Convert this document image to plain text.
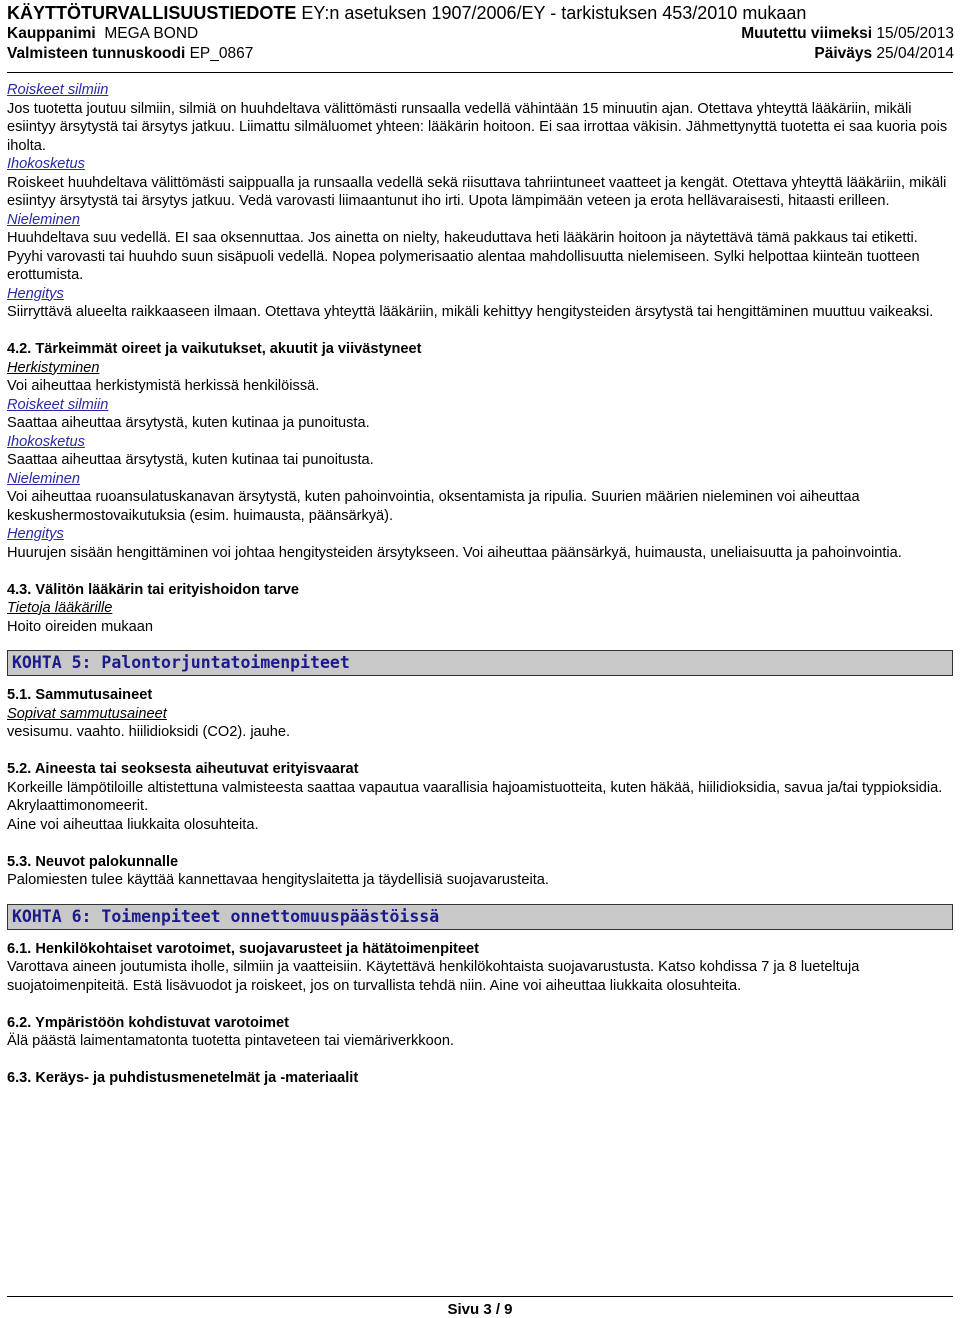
KÄYTTÖTURVALLISUUSTIEDOTE EY:n asetuksen 1907/2006/EY - tarkistuksen 453/2010 mukaan
Kauppanimi MEGA BOND	Muutettu viimeksi 15/05/2013
Valmisteen tunnuskoodi EP_0867	Päiväys 25/04/2014
Roiskeet silmiin

Jos tuotetta joutuu silmiin, silmiä on huuhdeltava välittömästi runsaalla vedellä vähintään 15 minuutin ajan. Otettava yhteyttä lääkäriin, mikäli esiintyy ärsytystä tai ärsytys jatkuu. Liimattu silmäluomet yhteen: lääkärin hoitoon. Ei saa irrottaa väkisin. Jähmettynyttä tuotetta ei saa kuoria pois iholta.

Ihokosketus

Roiskeet huuhdeltava välittömästi saippualla ja runsaalla vedellä sekä riisuttava tahriintuneet vaatteet ja kengät. Otettava yhteyttä lääkäriin, mikäli esiintyy ärsytystä tai ärsytys jatkuu. Vedä varovasti liimaantunut iho irti. Upota lämpimään veteen ja erota hellävaraisesti, hitaasti erilleen.

Nieleminen

Huuhdeltava suu vedellä. EI saa oksennuttaa. Jos ainetta on nielty, hakeuduttava heti lääkärin hoitoon ja näytettävä tämä pakkaus tai etiketti. Pyyhi varovasti tai huuhdo suun sisäpuoli vedellä. Nopea polymerisaatio alentaa mahdollisuutta nielemiseen. Sylki helpottaa kiinteän tuotteen erottumista.

Hengitys

Siirryttävä alueelta raikkaaseen ilmaan. Otettava yhteyttä lääkäriin, mikäli kehittyy hengitysteiden ärsytystä tai hengittäminen muuttuu vaikeaksi.

4.2. Tärkeimmät oireet ja vaikutukset, akuutit ja viivästyneet

Herkistyminen

Voi aiheuttaa herkistymistä herkissä henkilöissä.

Roiskeet silmiin

Saattaa aiheuttaa ärsytystä, kuten kutinaa ja punoitusta.

Ihokosketus

Saattaa aiheuttaa ärsytystä, kuten kutinaa tai punoitusta.

Nieleminen

Voi aiheuttaa ruoansulatuskanavan ärsytystä, kuten pahoinvointia, oksentamista ja ripulia. Suurien määrien nieleminen voi aiheuttaa keskushermostovaikutuksia (esim. huimausta, päänsärkyä).

Hengitys

Huurujen sisään hengittäminen voi johtaa hengitysteiden ärsytykseen. Voi aiheuttaa päänsärkyä, huimausta, uneliaisuutta ja pahoinvointia.

4.3. Välitön lääkärin tai erityishoidon tarve

Tietoja lääkärille

Hoito oireiden mukaan

KOHTA 5: Palontorjuntatoimenpiteet

5.1. Sammutusaineet

Sopivat sammutusaineet

vesisumu. vaahto. hiilidioksidi (CO2). jauhe.

5.2. Aineesta tai seoksesta aiheutuvat erityisvaarat

Korkeille lämpötiloille altistettuna valmisteesta saattaa vapautua vaarallisia hajoamistuotteita, kuten häkää, hiilidioksidia, savua ja/tai typpioksidia. Akrylaattimonomeerit.

Aine voi aiheuttaa liukkaita olosuhteita.

5.3. Neuvot palokunnalle

Palomiesten tulee käyttää kannettavaa hengityslaitetta ja täydellisiä suojavarusteita.

KOHTA 6: Toimenpiteet onnettomuuspäästöissä

6.1. Henkilökohtaiset varotoimet, suojavarusteet ja hätätoimenpiteet

Varottava aineen joutumista iholle, silmiin ja vaatteisiin. Käytettävä henkilökohtaista suojavarustusta. Katso kohdissa 7 ja 8 lueteltuja suojatoimenpiteitä. Estä lisävuodot ja roiskeet, jos on turvallista tehdä niin. Aine voi aiheuttaa liukkaita olosuhteita.

6.2. Ympäristöön kohdistuvat varotoimet

Älä päästä laimentamatonta tuotetta pintaveteen tai viemäriverkkoon.

6.3. Keräys- ja puhdistusmenetelmät ja -materiaalit

Sivu 3 / 9
